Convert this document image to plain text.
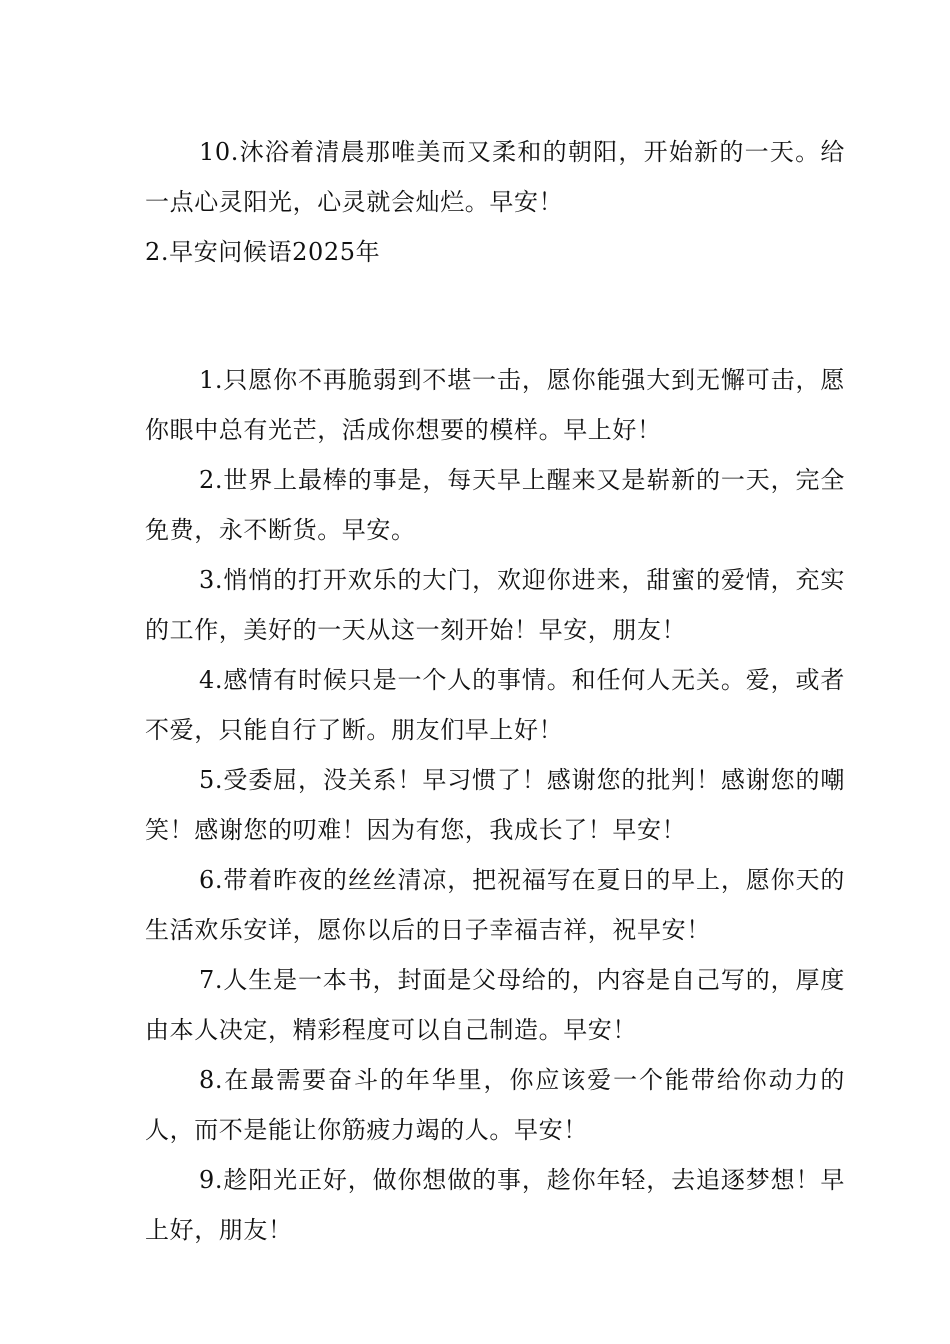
10.沐浴着清晨那唯美而又柔和的朝阳，开始新的一天。给一点心灵阳光，心灵就会灿烂。早安！

2.早安问候语2025年

1.只愿你不再脆弱到不堪一击，愿你能强大到无懈可击，愿你眼中总有光芒，活成你想要的模样。早上好！

2.世界上最棒的事是，每天早上醒来又是崭新的一天，完全免费，永不断货。早安。

3.悄悄的打开欢乐的大门，欢迎你进来，甜蜜的爱情，充实的工作，美好的一天从这一刻开始！早安，朋友！

4.感情有时候只是一个人的事情。和任何人无关。爱，或者不爱，只能自行了断。朋友们早上好！

5.受委屈，没关系！早习惯了！感谢您的批判！感谢您的嘲笑！感谢您的叨难！因为有您，我成长了！早安！

6.带着昨夜的丝丝清凉，把祝福写在夏日的早上，愿你天的生活欢乐安详，愿你以后的日子幸福吉祥，祝早安！

7.人生是一本书，封面是父母给的，内容是自己写的，厚度由本人决定，精彩程度可以自己制造。早安！

8.在最需要奋斗的年华里，你应该爱一个能带给你动力的人，而不是能让你筋疲力竭的人。早安！

9.趁阳光正好，做你想做的事，趁你年轻，去追逐梦想！早上好，朋友！
